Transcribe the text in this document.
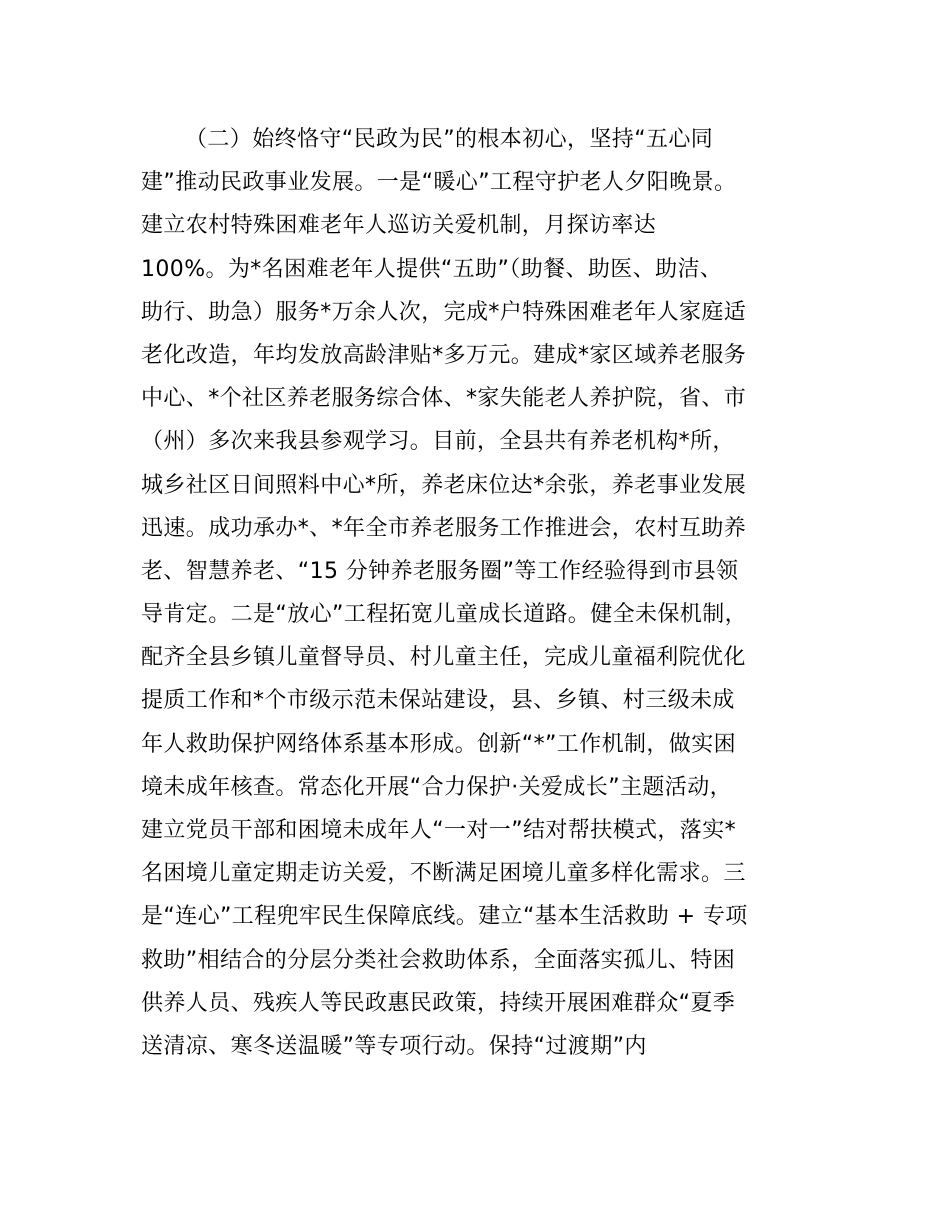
（二）始终恪守“民政为民”的根本初心，坚持“五心同
建”推动民政事业发展。一是“暖心”工程守护老人夕阳晚景。
建立农村特殊困难老年人巡访关爱机制，月探访率达
100%。为*名困难老年人提供“五助”（助餐、助医、助洁、
助行、助急）服务*万余人次，完成*户特殊困难老年人家庭适
老化改造，年均发放高龄津贴*多万元。建成*家区域养老服务
中心、*个社区养老服务综合体、*家失能老人养护院，省、市
（州）多次来我县参观学习。目前，全县共有养老机构*所，
城乡社区日间照料中心*所，养老床位达*余张，养老事业发展
迅速。成功承办*、*年全市养老服务工作推进会，农村互助养
老、智慧养老、“15 分钟养老服务圈”等工作经验得到市县领
导肯定。二是“放心”工程拓宽儿童成长道路。健全未保机制，
配齐全县乡镇儿童督导员、村儿童主任，完成儿童福利院优化
提质工作和*个市级示范未保站建设，县、乡镇、村三级未成
年人救助保护网络体系基本形成。创新“*”工作机制，做实困
境未成年核查。常态化开展“合力保护·关爱成长”主题活动，
建立党员干部和困境未成年人“一对一”结对帮扶模式，落实*
名困境儿童定期走访关爱，不断满足困境儿童多样化需求。三
是“连心”工程兜牢民生保障底线。建立“基本生活救助 + 专项
救助”相结合的分层分类社会救助体系，全面落实孤儿、特困
供养人员、残疾人等民政惠民政策，持续开展困难群众“夏季
送清凉、寒冬送温暖”等专项行动。保持“过渡期”内
